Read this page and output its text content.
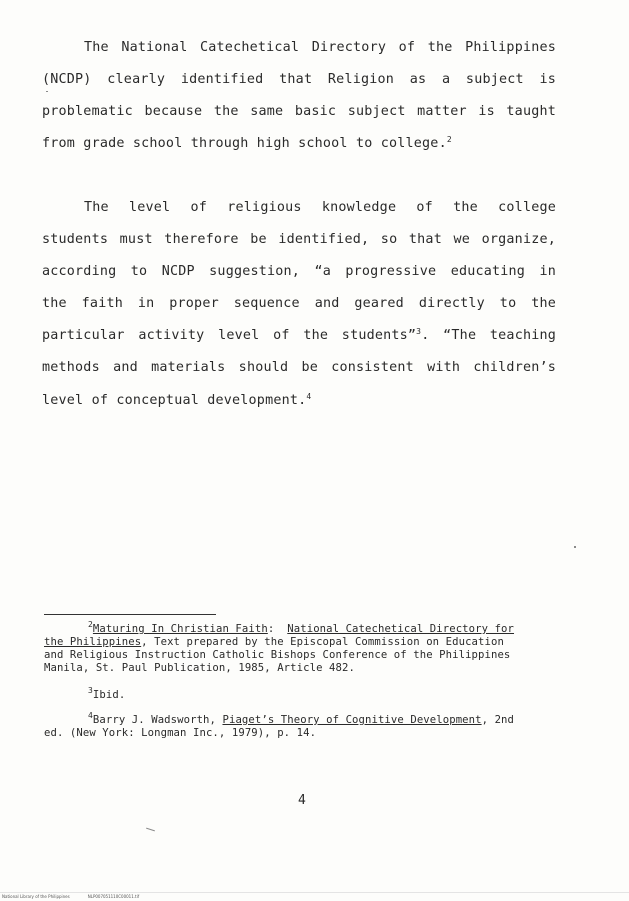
The National Catechetical Directory of the Philippines
(NCDP) clearly identified that Religion as a subject is
problematic because the same basic subject matter is taught
from grade school through high school to college.$^2$
The level of religious knowledge of the college
students must therefore be identified, so that we organize,
according to NCDP suggestion, “a progressive educating in
the faith in proper sequence and geared directly to the
particular activity level of the students”$^3$. “The teaching
methods and materials should be consistent with children’s
level of conceptual development.$^4$
$^2$Maturing In Christian Faith: National Catechetical Directory for
the Philippines, Text prepared by the Episcopal Commission on Education
and Religious Instruction Catholic Bishops Conference of the Philippines
Manila, St. Paul Publication, 1985, Article 482.
$^3$Ibid.
$^4$Barry J. Wadsworth, Piaget’s Theory of Cognitive Development, 2nd
ed. (New York: Longman Inc., 1979), p. 14.
4
National Library of the Philippines	NLP007051110C00011.tif
